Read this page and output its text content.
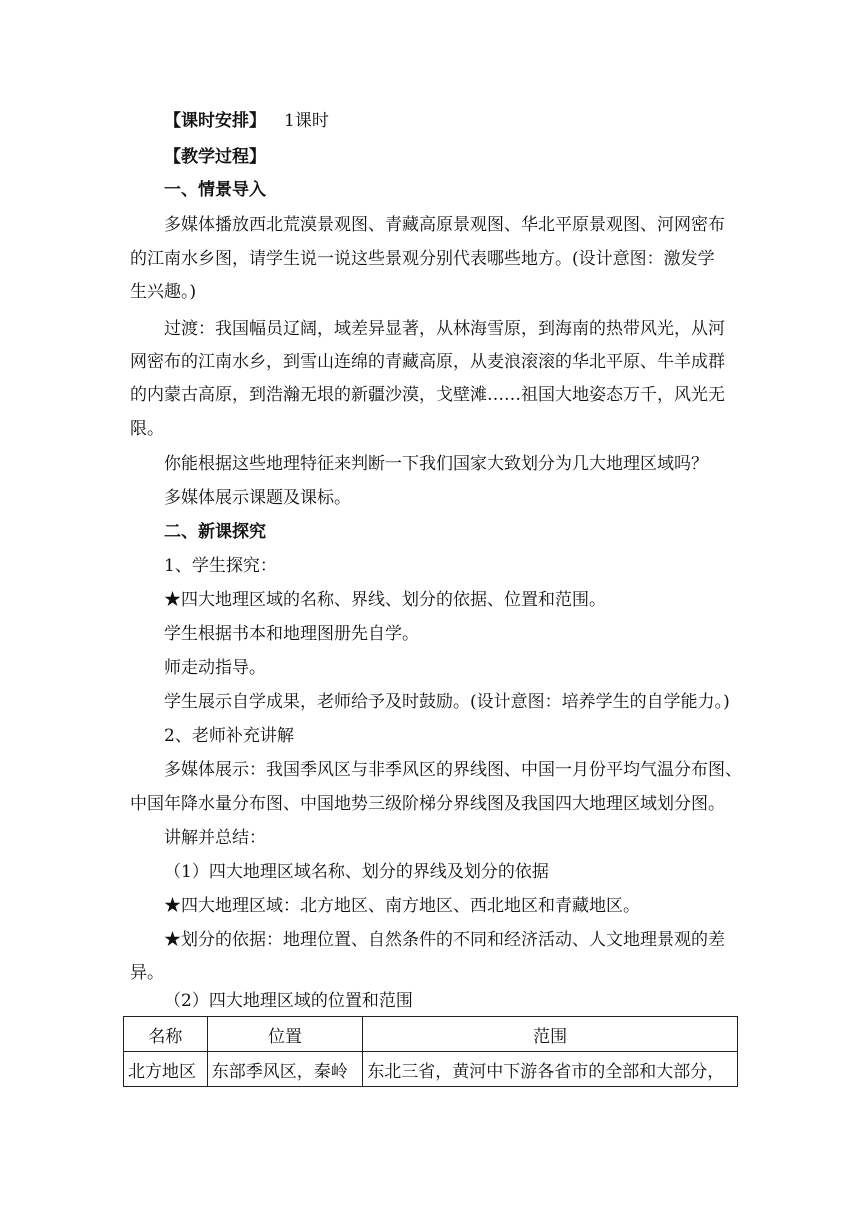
【课时安排】 1课时
【教学过程】
一、情景导入
多媒体播放西北荒漠景观图、青藏高原景观图、华北平原景观图、河网密布
的江南水乡图，请学生说一说这些景观分别代表哪些地方。(设计意图：激发学
生兴趣。)
过渡：我国幅员辽阔，域差异显著，从林海雪原，到海南的热带风光，从河
网密布的江南水乡，到雪山连绵的青藏高原，从麦浪滚滚的华北平原、牛羊成群
的内蒙古高原，到浩瀚无垠的新疆沙漠，戈壁滩……祖国大地姿态万千，风光无
限。
你能根据这些地理特征来判断一下我们国家大致划分为几大地理区域吗？
多媒体展示课题及课标。
二、新课探究
1、学生探究：
★四大地理区域的名称、界线、划分的依据、位置和范围。
学生根据书本和地理图册先自学。
师走动指导。
学生展示自学成果，老师给予及时鼓励。(设计意图：培养学生的自学能力。)
2、老师补充讲解
多媒体展示：我国季风区与非季风区的界线图、中国一月份平均气温分布图、
中国年降水量分布图、中国地势三级阶梯分界线图及我国四大地理区域划分图。
讲解并总结：
（1）四大地理区域名称、划分的界线及划分的依据
★四大地理区域：北方地区、南方地区、西北地区和青藏地区。
★划分的依据：地理位置、自然条件的不同和经济活动、人文地理景观的差
异。
（2）四大地理区域的位置和范围
名称	位置	范围
北方地区	东部季风区，秦岭	东北三省，黄河中下游各省市的全部和大部分，
